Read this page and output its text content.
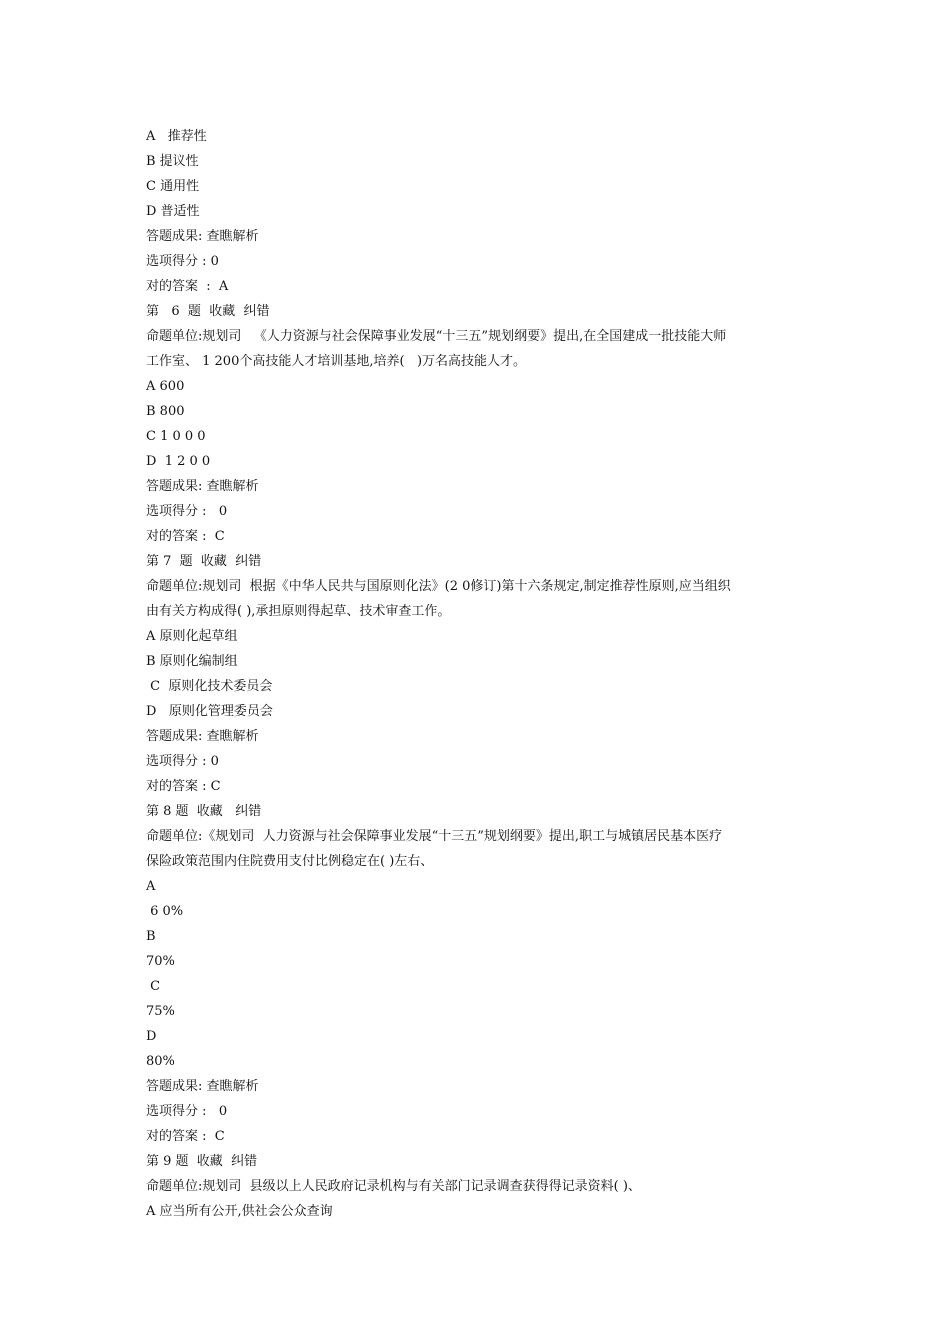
A   推荐性
B 提议性
C 通用性
D 普适性
答题成果: 查瞧解析
选项得分 : 0
对的答案  :  A
第   6  题  收藏  纠错
命题单位:规划司   《人力资源与社会保障事业发展“十三五”规划纲要》提出,在全国建成一批技能大师
工作室、 1 200个高技能人才培训基地,培养(   )万名高技能人才。
A 600
B 800
C 1 0 0 0
D  1 2 0 0
答题成果: 查瞧解析
选项得分 :   0
对的答案 :  C
第 7  题  收藏  纠错
命题单位:规划司  根据《中华人民共与国原则化法》(2 0修订)第十六条规定,制定推荐性原则,应当组织
由有关方构成得( ),承担原则得起草、技术审查工作。
A 原则化起草组
B 原则化编制组
C  原则化技术委员会
D   原则化管理委员会
答题成果: 查瞧解析
选项得分 : 0
对的答案 : C
第 8 题  收藏   纠错
命题单位:《规划司  人力资源与社会保障事业发展“十三五”规划纲要》提出,职工与城镇居民基本医疗
保险政策范围内住院费用支付比例稳定在( )左右、
A
6 0%
B
70%
C
75%
D
80%
答题成果: 查瞧解析
选项得分 :   0
对的答案 :  C
第 9 题  收藏  纠错
命题单位:规划司  县级以上人民政府记录机构与有关部门记录调查获得得记录资料( )、
A 应当所有公开,供社会公众查询
